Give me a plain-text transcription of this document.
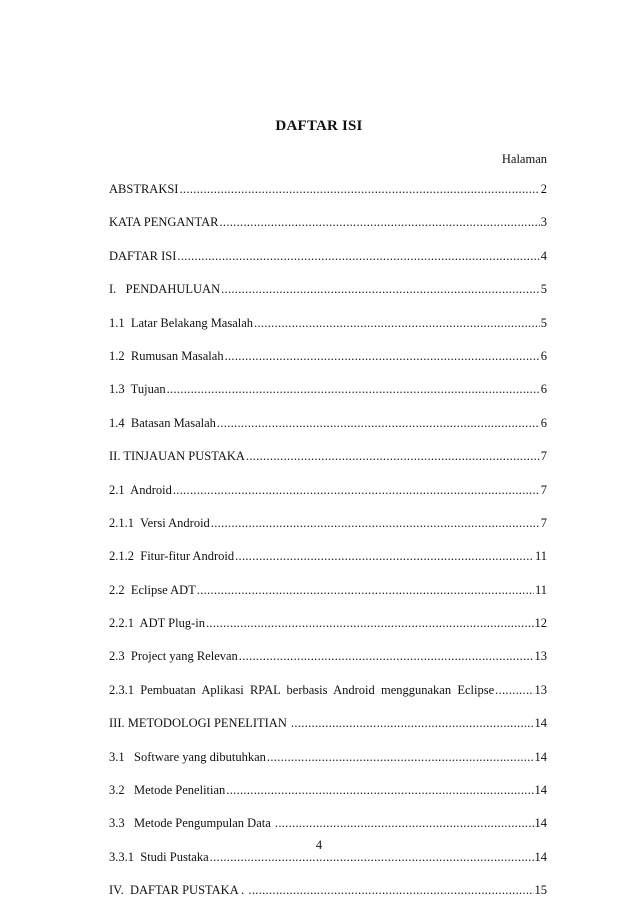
DAFTAR ISI
Halaman
ABSTRAKSI .....	2
KATA PENGANTAR .....	3
DAFTAR ISI .....	4
I.   PENDAHULUAN .....	5
1.1  Latar Belakang Masalah .....	5
1.2  Rumusan Masalah .....	6
1.3  Tujuan .....	6
1.4  Batasan Masalah .....	6
II. TINJAUAN PUSTAKA .....	7
2.1  Android .....	7
2.1.1  Versi Android .....	7
2.1.2  Fitur-fitur Android .....	11
2.2  Eclipse ADT .....	11
2.2.1  ADT Plug-in .....	12
2.3  Project yang Relevan .....	13
2.3.1  Pembuatan  Aplikasi  RPAL  berbasis  Android  menggunakan  Eclipse .....	13
III. METODOLOGI PENELITIAN .....	14
3.1   Software yang dibutuhkan .....	14
3.2   Metode Penelitian .....	14
3.3   Metode Pengumpulan Data .....	14
3.3.1  Studi Pustaka .....	14
IV.  DAFTAR PUSTAKA . .....	15
4
